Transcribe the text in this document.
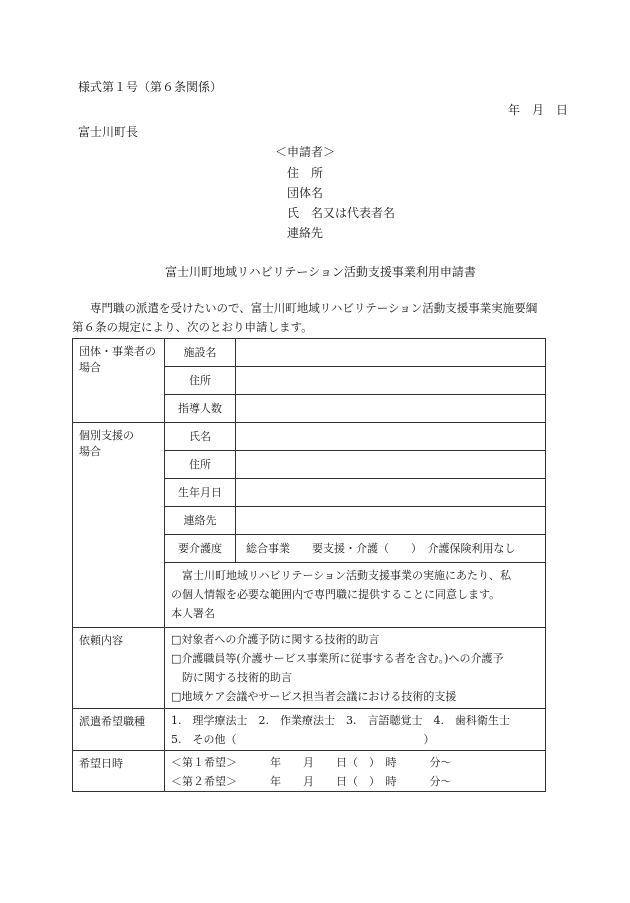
様式第１号（第６条関係）
年　月　日
富士川町長
＜申請者＞
住　所
団体名
氏　名又は代表者名
連絡先
富士川町地域リハビリテーション活動支援事業利用申請書
専門職の派遣を受けたいので、富士川町地域リハビリテーション活動支援事業実施要綱
第６条の規定により、次のとおり申請します。
団体・事業者の
場合	施設名	
	住所	
	指導人数	

個別支援の
場合	氏名	
	住所	
	生年月日	
	連絡先	
	要介護度	総合事業　　要支援・介護（　　）　介護保険利用なし

	富士川町地域リハビリテーション活動支援事業の実施にあたり、私
の個人情報を必要な範囲内で専門職に提供することに同意します。
本人署名	

依頼内容	□対象者への介護予防に関する技術的助言
□介護職員等(介護サービス事業所に従事する者を含む。)への介護予
防に関する技術的助言
□地域ケア会議やサービス担当者会議における技術的支援	

派遣希望職種	1.　理学療法士　2.　作業療法士　3.　言語聴覚士　4.　歯科衛生士
5.　その他（　　　　　　　　　　　　　　　　　）	

希望日時	＜第１希望＞　　　年　　月　　日（　）　時　　　分〜
＜第２希望＞　　　年　　月　　日（　）　時　　　分〜	
